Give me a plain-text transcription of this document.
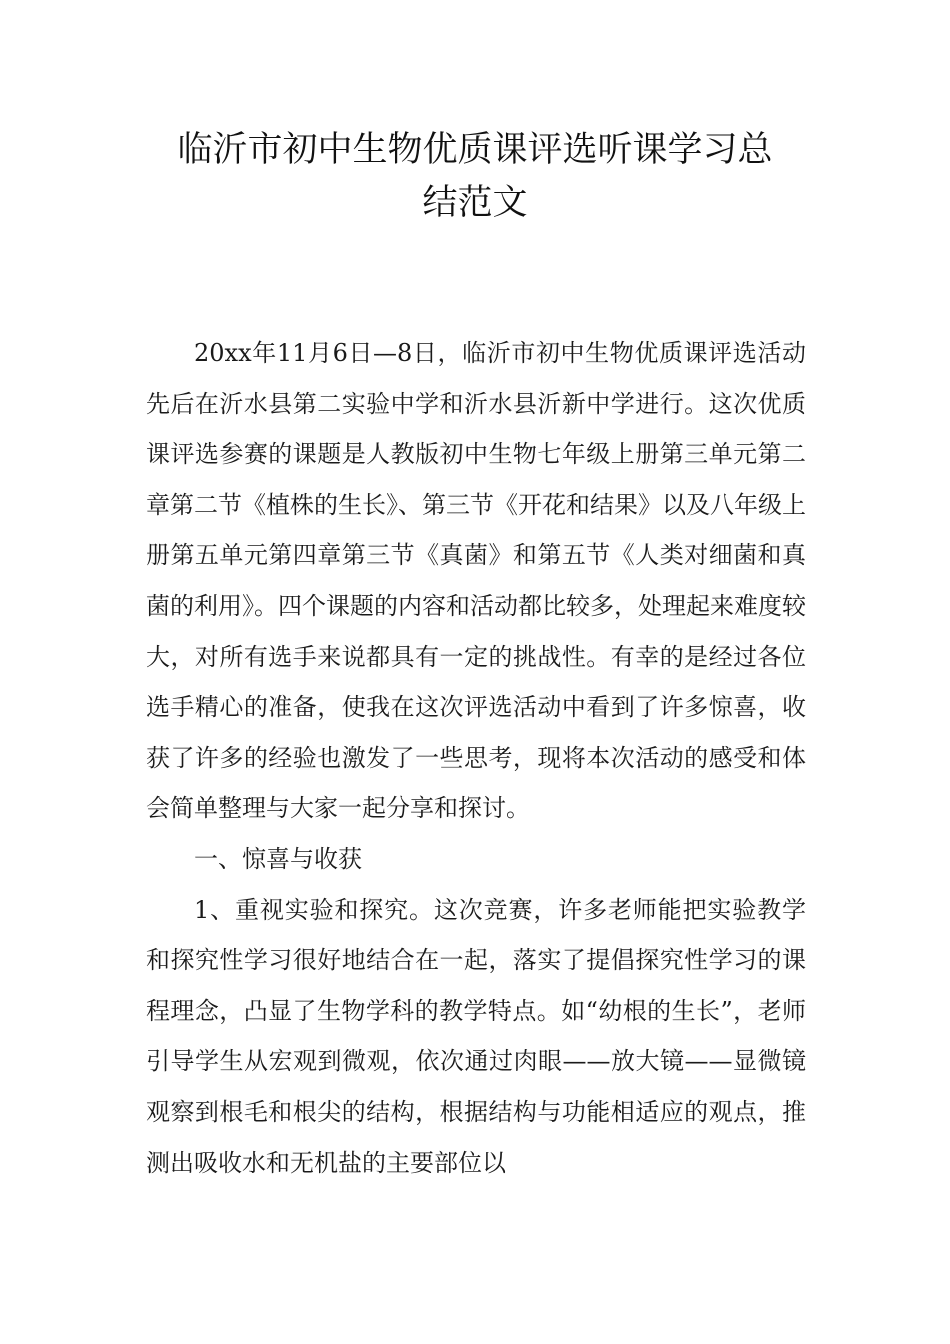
临沂市初中生物优质课评选听课学习总
结范文

20xx年11月6日—8日，临沂市初中生物优质课评选活动先后在沂水县第二实验中学和沂水县沂新中学进行。这次优质课评选参赛的课题是人教版初中生物七年级上册第三单元第二章第二节《植株的生长》、第三节《开花和结果》以及八年级上册第五单元第四章第三节《真菌》和第五节《人类对细菌和真菌的利用》。四个课题的内容和活动都比较多，处理起来难度较大，对所有选手来说都具有一定的挑战性。有幸的是经过各位选手精心的准备，使我在这次评选活动中看到了许多惊喜，收获了许多的经验也激发了一些思考，现将本次活动的感受和体会简单整理与大家一起分享和探讨。

一、惊喜与收获

1、重视实验和探究。这次竞赛，许多老师能把实验教学和探究性学习很好地结合在一起，落实了提倡探究性学习的课程理念，凸显了生物学科的教学特点。如“幼根的生长”，老师引导学生从宏观到微观，依次通过肉眼——放大镜——显微镜观察到根毛和根尖的结构，根据结构与功能相适应的观点，推测出吸收水和无机盐的主要部位以
